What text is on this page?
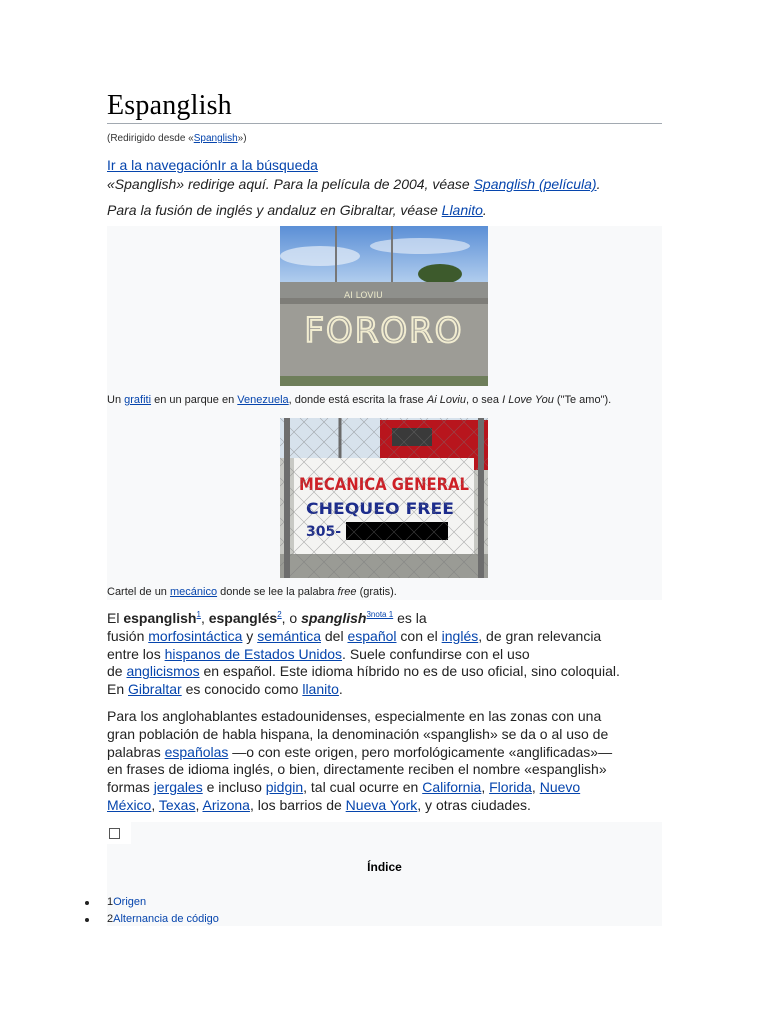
Espanglish
(Redirigido desde «Spanglish»)
Ir a la navegaciónIr a la búsqueda
«Spanglish» redirige aquí. Para la película de 2004, véase Spanglish (película).
Para la fusión de inglés y andaluz en Gibraltar, véase Llanito.
AI LOVIU
FORORO
Un grafiti en un parque en Venezuela, donde está escrita la frase Ai Loviu, o sea I Love You ("Te amo").
MECANICA GENERAL
CHEQUEO FREE
305-
Cartel de un mecánico donde se lee la palabra free (gratis).
El espanglish$^1$, espanglés$^2$, o spanglish$^{3nota 1}$ es la
fusión morfosintáctica y semántica del español con el inglés, de gran relevancia
entre los hispanos de Estados Unidos. Suele confundirse con el uso
de anglicismos en español. Este idioma híbrido no es de uso oficial, sino coloquial.
En Gibraltar es conocido como llanito.
Para los anglohablantes estadounidenses, especialmente en las zonas con una
gran población de habla hispana, la denominación «spanglish» se da o al uso de
palabras españolas —o con este origen, pero morfológicamente «anglificadas»—
en frases de idioma inglés, o bien, directamente reciben el nombre «espanglish»
formas jergales e incluso pidgin, tal cual ocurre en California, Florida, Nuevo
México, Texas, Arizona, los barrios de Nueva York, y otras ciudades.
Índice
1Origen
2Alternancia de código
